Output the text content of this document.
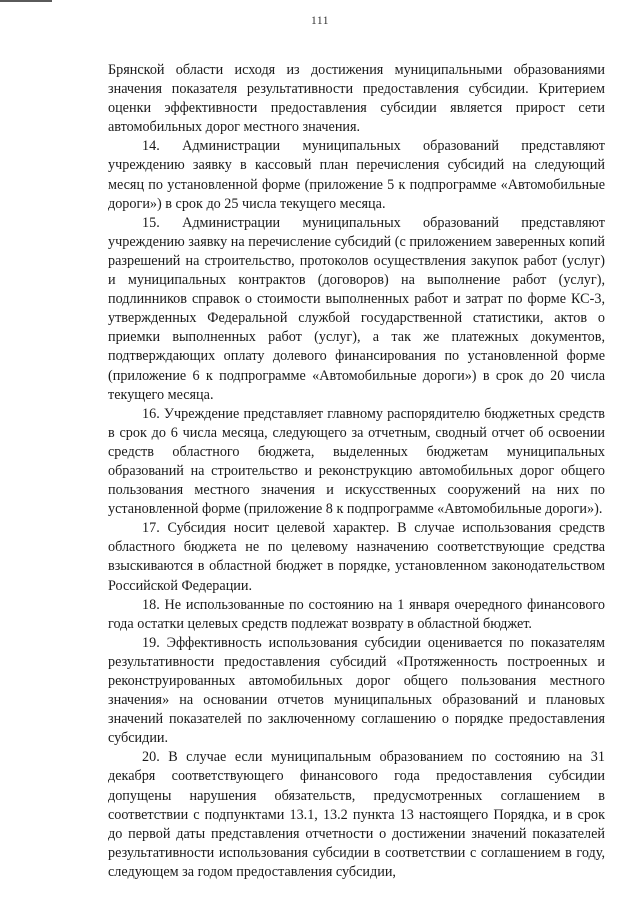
111

Брянской области исходя из достижения муниципальными образованиями значения показателя результативности предоставления субсидии. Критерием оценки эффективности предоставления субсидии является прирост сети автомобильных дорог местного значения.

14. Администрации муниципальных образований представляют учреждению заявку в кассовый план перечисления субсидий на следующий месяц по установленной форме (приложение 5 к подпрограмме «Автомобильные дороги») в срок до 25 числа текущего месяца.

15. Администрации муниципальных образований представляют учреждению заявку на перечисление субсидий (с приложением заверенных копий разрешений на строительство, протоколов осуществления закупок работ (услуг) и муниципальных контрактов (договоров) на выполнение работ (услуг), подлинников справок о стоимости выполненных работ и затрат по форме КС-3, утвержденных Федеральной службой государственной статистики, актов о приемки выполненных работ (услуг), а так же платежных документов, подтверждающих оплату долевого финансирования по установленной форме (приложение 6 к подпрограмме «Автомобильные дороги») в срок до 20 числа текущего месяца.

16. Учреждение представляет главному распорядителю бюджетных средств в срок до 6 числа месяца, следующего за отчетным, сводный отчет об освоении средств областного бюджета, выделенных бюджетам муниципальных образований на строительство и реконструкцию автомобильных дорог общего пользования местного значения и искусственных сооружений на них по установленной форме (приложение 8 к подпрограмме «Автомобильные дороги»).

17. Субсидия носит целевой характер. В случае использования средств областного бюджета не по целевому назначению соответствующие средства взыскиваются в областной бюджет в порядке, установленном законодательством Российской Федерации.

18. Не использованные по состоянию на 1 января очередного финансового года остатки целевых средств подлежат возврату в областной бюджет.

19. Эффективность использования субсидии оценивается по показателям результативности предоставления субсидий «Протяженность построенных и реконструированных автомобильных дорог общего пользования местного значения» на основании отчетов муниципальных образований и плановых значений показателей по заключенному соглашению о порядке предоставления субсидии.

20. В случае если муниципальным образованием по состоянию на 31 декабря соответствующего финансового года предоставления субсидии допущены нарушения обязательств, предусмотренных соглашением в соответствии с подпунктами 13.1, 13.2 пункта 13 настоящего Порядка, и в срок до первой даты представления отчетности о достижении значений показателей результативности использования субсидии в соответствии с соглашением в году, следующем за годом предоставления субсидии,
